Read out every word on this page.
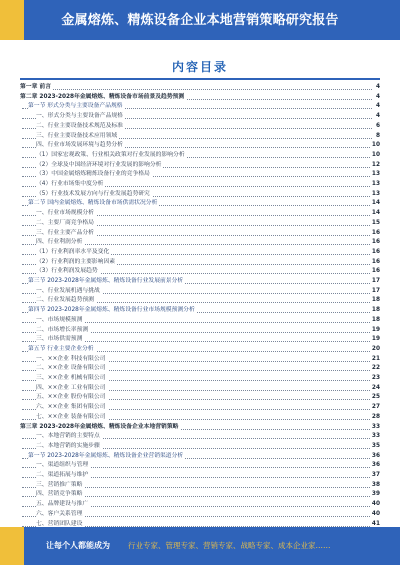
金属熔炼、精炼设备企业本地营销策略研究报告
内容目录
第一章 前言	4
第二章 2023-2028年金属熔炼、精炼设备市场前景及趋势预测	4
第一节 形式分类与主要设备产品规格	4
一、形式分类与主要设备产品规格	4
二、行业主要设备技术规范及标准	6
三、行业主要设备技术应用领域	8
四、行业市场发展环境与趋势分析	10
（1）国家宏观政策、行业相关政策对行业发展的影响分析	10
（2）全球及中国经济环境对行业发展的影响分析	12
（3）中国金属熔炼精炼设备行业的竞争格局	13
（4）行业市场集中度分析	13
（5）行业技术发展方向与行业发展趋势研究	13
第二节 国内金属熔炼、精炼设备市场供需状况分析	14
一、行业市场规模分析	14
二、主要厂商竞争格局	15
三、行业主要产品分析	16
四、行业利润分析	16
（1）行业利润率水平及变化	16
（2）行业利润的主要影响因素	16
（3）行业利润发展趋势	16
第三节 2023-2028年金属熔炼、精炼设备行业发展前景分析	17
一、行业发展机遇与挑战	17
二、行业发展趋势预测	18
第四节 2023-2028年金属熔炼、精炼设备行业市场规模预测分析	18
一、市场规模预测	18
二、市场增长率预测	19
三、市场供需预测	19
第五节 行业主要企业分析	20
一、××企业 科技有限公司	21
二、××企业 设备有限公司	22
三、××企业 机械有限公司	23
四、××企业 工业有限公司	24
五、××企业 股份有限公司	25
六、××企业 集团有限公司	27
七、××企业 装备有限公司	28
第三章 2023-2028年金属熔炼、精炼设备企业本地营销策略	33
一、本地营销的主要特点	33
二、本地营销的实施步骤	35
第一节 2023-2028年金属熔炼、精炼设备企业营销渠道分析	36
一、渠道组织与管理	36
二、渠道拓展与维护	37
三、营销推广策略	38
四、营销竞争策略	39
五、品牌建设与推广	40
六、客户关系管理	40
七、营销团队建设	41
让每个人都能成为 行业专家、管理专家、营销专家、战略专家、成本企业家……
